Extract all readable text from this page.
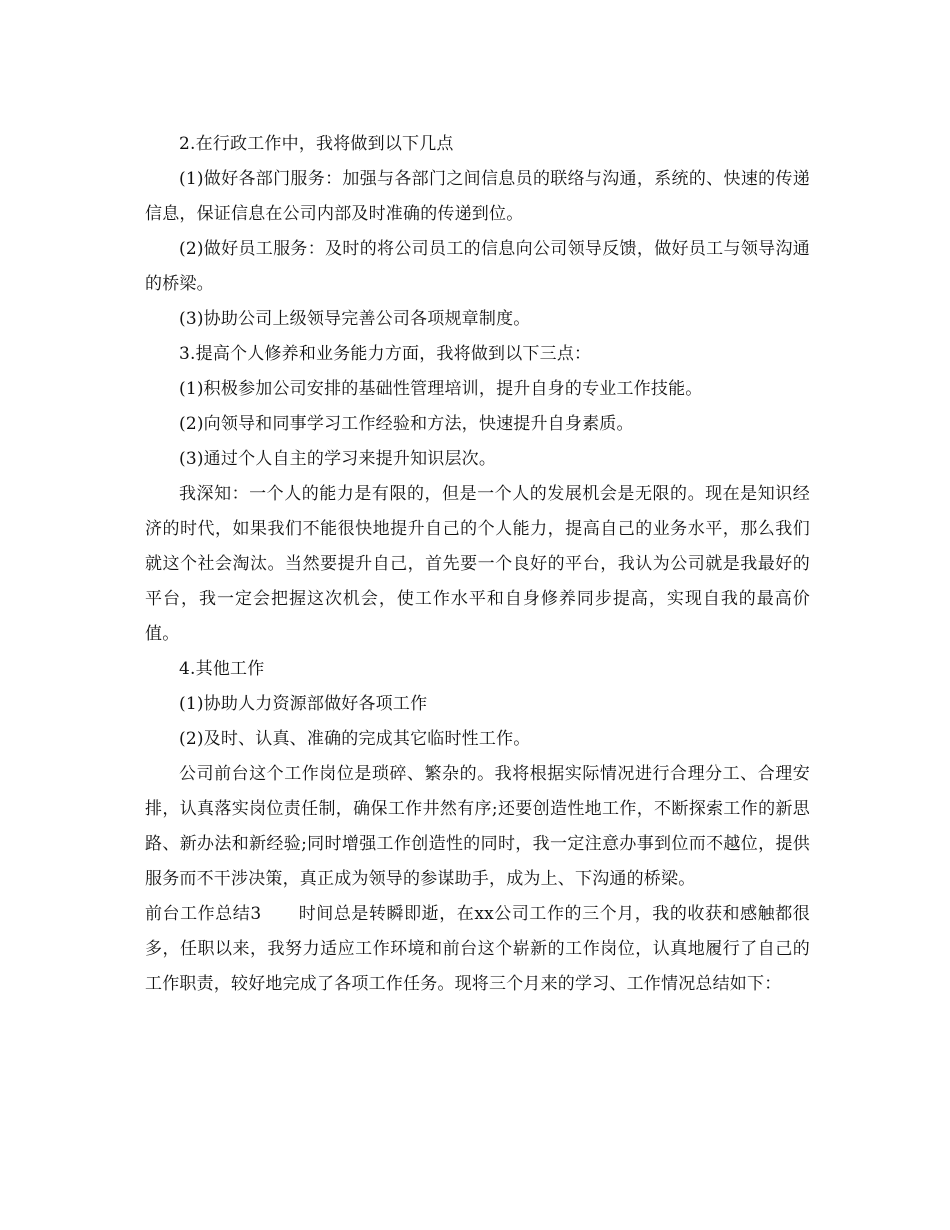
2.在行政工作中，我将做到以下几点

(1)做好各部门服务：加强与各部门之间信息员的联络与沟通，系统的、快速的传递信息，保证信息在公司内部及时准确的传递到位。

(2)做好员工服务：及时的将公司员工的信息向公司领导反馈，做好员工与领导沟通的桥梁。

(3)协助公司上级领导完善公司各项规章制度。

3.提高个人修养和业务能力方面，我将做到以下三点：

(1)积极参加公司安排的基础性管理培训，提升自身的专业工作技能。

(2)向领导和同事学习工作经验和方法，快速提升自身素质。

(3)通过个人自主的学习来提升知识层次。

我深知：一个人的能力是有限的，但是一个人的发展机会是无限的。现在是知识经济的时代，如果我们不能很快地提升自己的个人能力，提高自己的业务水平，那么我们就这个社会淘汰。当然要提升自己，首先要一个良好的平台，我认为公司就是我最好的平台，我一定会把握这次机会，使工作水平和自身修养同步提高，实现自我的最高价值。

4.其他工作

(1)协助人力资源部做好各项工作

(2)及时、认真、准确的完成其它临时性工作。

公司前台这个工作岗位是琐碎、繁杂的。我将根据实际情况进行合理分工、合理安排，认真落实岗位责任制，确保工作井然有序;还要创造性地工作，不断探索工作的新思路、新办法和新经验;同时增强工作创造性的同时，我一定注意办事到位而不越位，提供服务而不干涉决策，真正成为领导的参谋助手，成为上、下沟通的桥梁。

前台工作总结3 时间总是转瞬即逝，在xx公司工作的三个月，我的收获和感触都很多，任职以来，我努力适应工作环境和前台这个崭新的工作岗位，认真地履行了自己的工作职责，较好地完成了各项工作任务。现将三个月来的学习、工作情况总结如下：
